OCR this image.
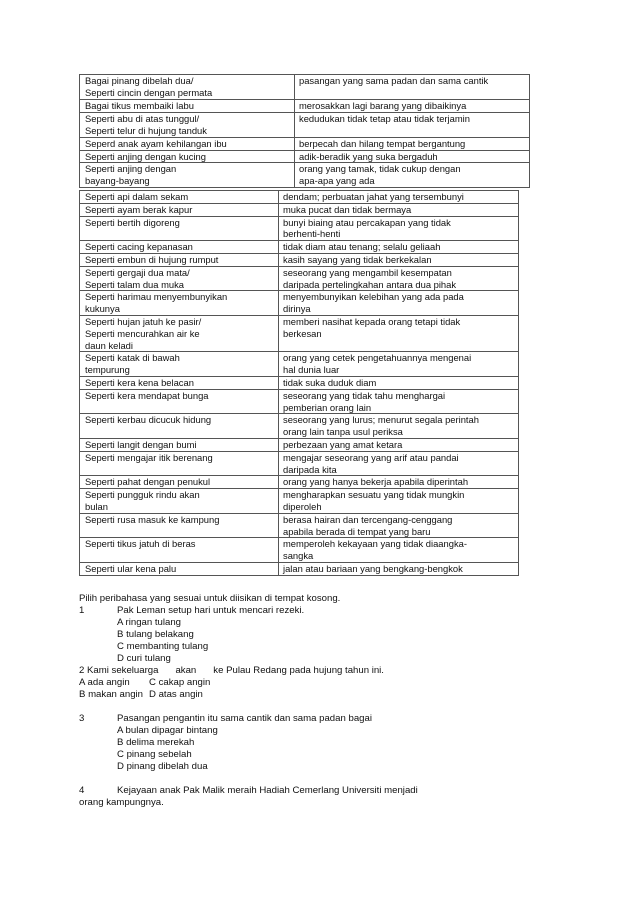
Bagai pinang dibelah dua/
Seperti cincin dengan permata	pasangan yang sama padan dan sama cantik
Bagai tikus membaiki labu	merosakkan lagi barang yang dibaikinya
Seperti abu di atas tunggul/
Seperti telur di hujung tanduk	kedudukan tidak tetap atau tidak terjamin
Seperd anak ayam kehilangan ibu	berpecah dan hilang tempat bergantung
Seperti anjing dengan kucing	adik-beradik yang suka bergaduh
Seperti anjing dengan
bayang-bayang	orang yang tamak, tidak cukup dengan
apa-apa yang ada
Seperti api dalam sekam	dendam; perbuatan jahat yang tersembunyi
Seperti ayam berak kapur	muka pucat dan tidak bermaya
Seperti bertih digoreng	bunyi biaing atau percakapan yang tidak
berhenti-henti
Seperti cacing kepanasan	tidak diam atau tenang; selalu geliaah
Seperti embun di hujung rumput	kasih sayang yang tidak berkekalan
Seperti gergaji dua mata/
Seperti talam dua muka	seseorang yang mengambil kesempatan
daripada pertelingkahan antara dua pihak
Seperti harimau menyembunyikan
kukunya	menyembunyikan kelebihan yang ada pada
dirinya
Seperti hujan jatuh ke pasir/
Seperti mencurahkan air ke
daun keladi	memberi nasihat kepada orang tetapi tidak
berkesan
Seperti katak di bawah
tempurung	orang yang cetek pengetahuannya mengenai
hal dunia luar
Seperti kera kena belacan	tidak suka duduk diam
Seperti kera mendapat bunga	seseorang yang tidak tahu menghargai
pemberian orang lain
Seperti kerbau dicucuk hidung	seseorang yang lurus; menurut segala perintah
orang lain tanpa usul periksa
Seperti langit dengan bumi	perbezaan yang amat ketara
Seperti mengajar itik berenang	mengajar seseorang yang arif atau pandai
daripada kita
Seperti pahat dengan penukul	orang yang hanya bekerja apabila diperintah
Seperti pungguk rindu akan
bulan	mengharapkan sesuatu yang tidak mungkin
diperoleh
Seperti rusa masuk ke kampung	berasa hairan dan tercengang-cenggang
apabila berada di tempat yang baru
Seperti tikus jatuh di beras	memperoleh kekayaan yang tidak diaangka-
sangka
Seperti ular kena palu	jalan atau bariaan yang bengkang-bengkok
Pilih peribahasa yang sesuai untuk diisikan di tempat kosong.
1	Pak Leman setup hari untuk mencari rezeki.
A ringan tulang
B tulang belakang
C membanting tulang
D curi tulang
2 Kami sekeluarga akan ke Pulau Redang pada hujung tahun ini.
A ada angin C cakap angin
B makan angin D atas angin
3	Pasangan pengantin itu sama cantik dan sama padan bagai
A bulan dipagar bintang
B delima merekah
C pinang sebelah
D pinang dibelah dua
4	Kejayaan anak Pak Malik meraih Hadiah Cemerlang Universiti menjadi
orang kampungnya.
